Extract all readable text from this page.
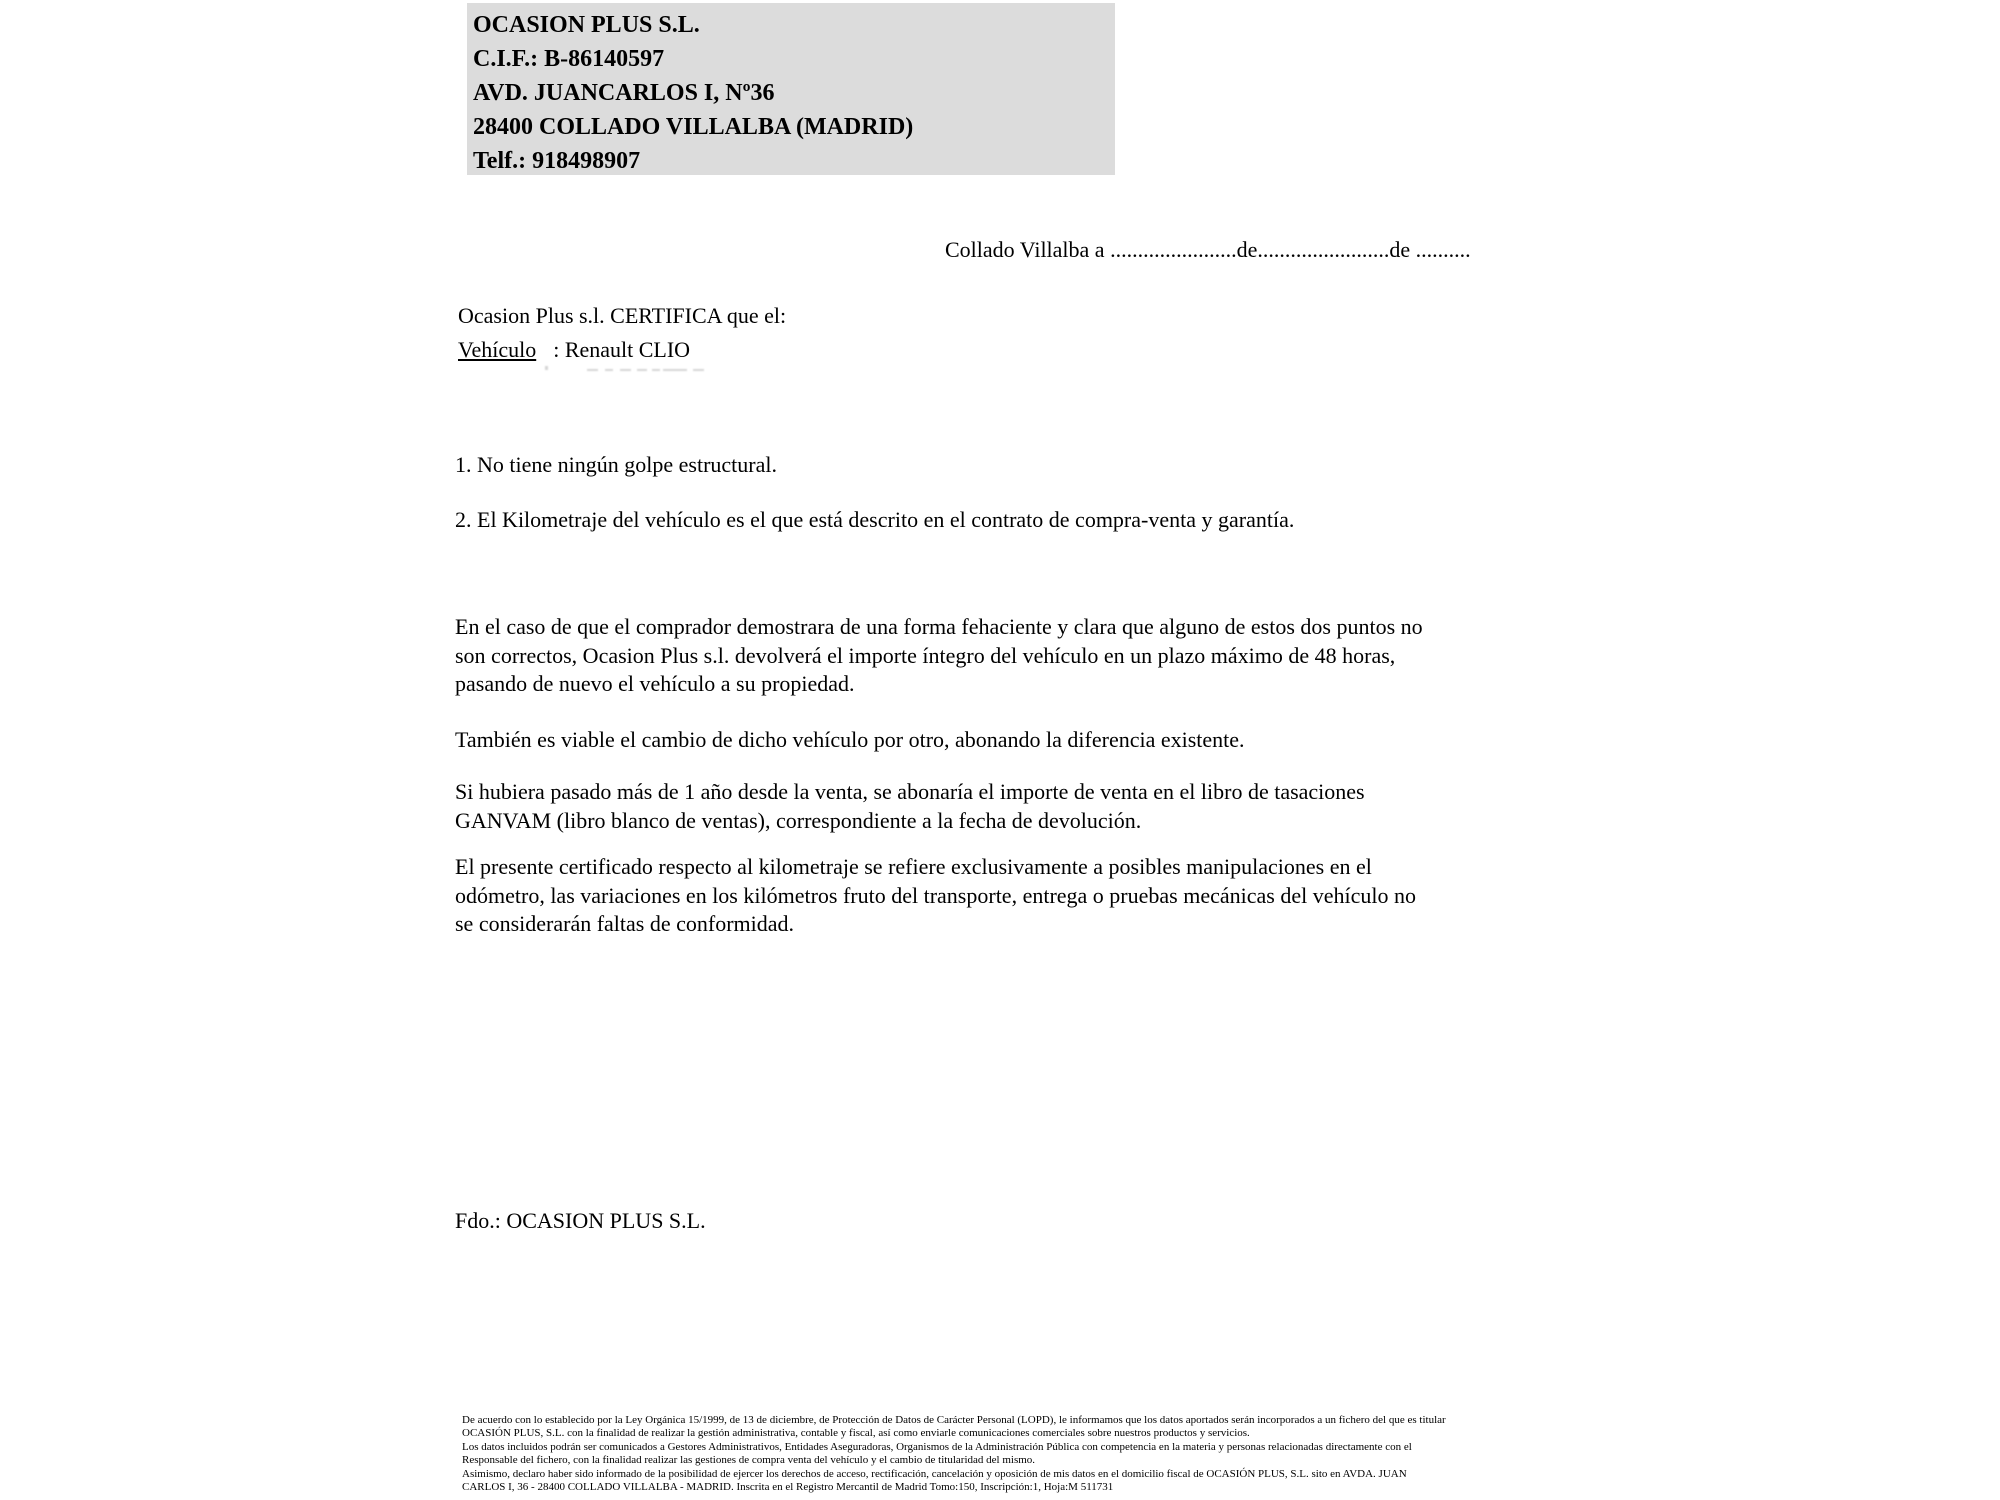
OCASION PLUS S.L.
C.I.F.: B-86140597
AVD. JUANCARLOS I, Nº36
28400 COLLADO VILLALBA (MADRID)
Telf.: 918498907
Collado Villalba a .......................de........................de ..........
Ocasion Plus s.l. CERTIFICA que el:
Vehículo : Renault CLIO
1. No tiene ningún golpe estructural.
2. El Kilometraje del vehículo es el que está descrito en el contrato de compra-venta y garantía.
En el caso de que el comprador demostrara de una forma fehaciente y clara que alguno de estos dos puntos no
son correctos, Ocasion Plus s.l. devolverá el importe íntegro del vehículo en un plazo máximo de 48 horas,
pasando de nuevo el vehículo a su propiedad.
También es viable el cambio de dicho vehículo por otro, abonando la diferencia existente.
Si hubiera pasado más de 1 año desde la venta, se abonaría el importe de venta en el libro de tasaciones
GANVAM (libro blanco de ventas), correspondiente a la fecha de devolución.
El presente certificado respecto al kilometraje se refiere exclusivamente a posibles manipulaciones en el
odómetro, las variaciones en los kilómetros fruto del transporte, entrega o pruebas mecánicas del vehículo no
se considerarán faltas de conformidad.
Fdo.: OCASION PLUS S.L.
De acuerdo con lo establecido por la Ley Orgánica 15/1999, de 13 de diciembre, de Protección de Datos de Carácter Personal (LOPD), le informamos que los datos aportados serán incorporados a un fichero del que es titular
OCASIÓN PLUS, S.L. con la finalidad de realizar la gestión administrativa, contable y fiscal, así como enviarle comunicaciones comerciales sobre nuestros productos y servicios.
Los datos incluidos podrán ser comunicados a Gestores Administrativos, Entidades Aseguradoras, Organismos de la Administración Pública con competencia en la materia y personas relacionadas directamente con el
Responsable del fichero, con la finalidad realizar las gestiones de compra venta del vehículo y el cambio de titularidad del mismo.
Asimismo, declaro haber sido informado de la posibilidad de ejercer los derechos de acceso, rectificación, cancelación y oposición de mis datos en el domicilio fiscal de OCASIÓN PLUS, S.L. sito en AVDA. JUAN
CARLOS I, 36 - 28400 COLLADO VILLALBA - MADRID. Inscrita en el Registro Mercantil de Madrid Tomo:150, Inscripción:1, Hoja:M 511731
